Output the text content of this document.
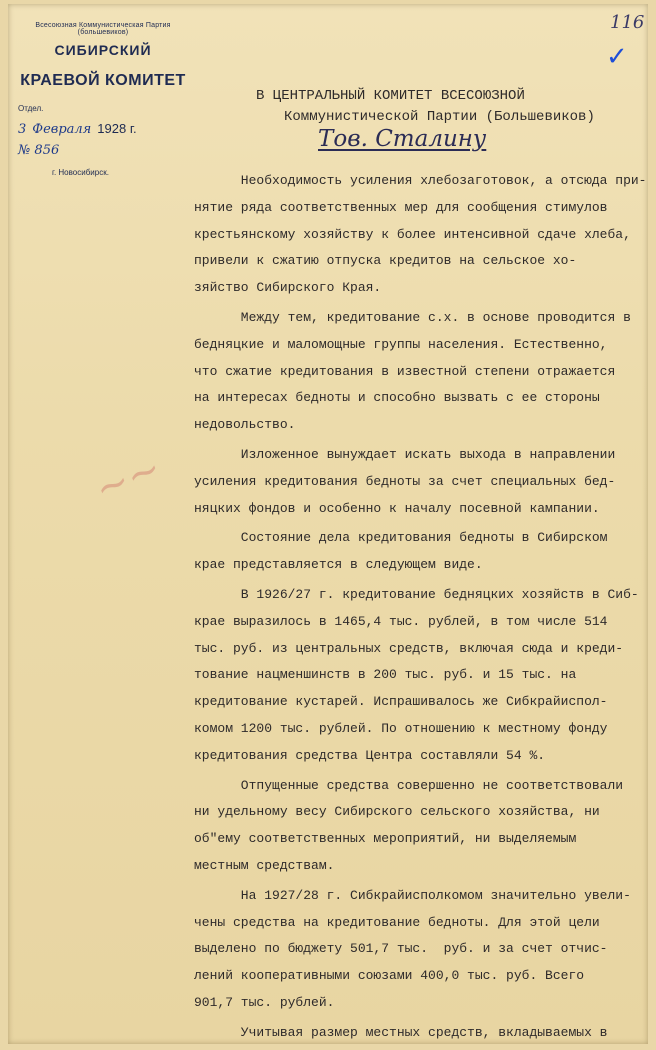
Всесоюзная Коммунистическая Партия (большевиков)
СИБИРСКИЙ
КРАЕВОЙ КОМИТЕТ
Отдел.
3 Февраля 1928 г.
№ 856
г. Новосибирск.
116
✓
В ЦЕНТРАЛЬНЫЙ КОМИТЕТ ВСЕСОЮЗНОЙ
Коммунистической Партии (Большевиков)
Тов. Сталину
~~

Необходимость усиления хлебозаготовок, а отсюда при-
нятие ряда соответственных мер для сообщения стимулов
крестьянскому хозяйству к более интенсивной сдаче хлеба,
привели к сжатию отпуска кредитов на сельское хо-
зяйство Сибирского Края.

Между тем, кредитование с.х. в основе проводится в
бедняцкие и маломощные группы населения. Естественно,
что сжатие кредитования в известной степени отражается
на интересах бедноты и способно вызвать с ее стороны
недовольство.

Изложенное вынуждает искать выхода в направлении
усиления кредитования бедноты за счет специальных бед-
няцких фондов и особенно к началу посевной кампании.

Состояние дела кредитования бедноты в Сибирском
крае представляется в следующем виде.

В 1926/27 г. кредитование бедняцких хозяйств в Сиб-
крае выразилось в 1465,4 тыс. рублей, в том числе 514
тыс. руб. из центральных средств, включая сюда и креди-
тование нацменшинств в 200 тыс. руб. и 15 тыс. на
кредитование кустарей. Испрашивалось же Сибкрайиспол-
комом 1200 тыс. рублей. По отношению к местному фонду
кредитования средства Центра составляли 54 %.

Отпущенные средства совершенно не соответствовали
ни удельному весу Сибирского сельского хозяйства, ни
об"ему соответственных мероприятий, ни выделяемым
местным средствам.

На 1927/28 г. Сибкрайисполкомом значительно увели-
чены средства на кредитование бедноты. Для этой цели
выделено по бюджету 501,7 тыс.  руб. и за счет отчис-
лений кооперативными союзами 400,0 тыс. руб. Всего
901,7 тыс. рублей.

Учитывая размер местных средств, вкладываемых в
